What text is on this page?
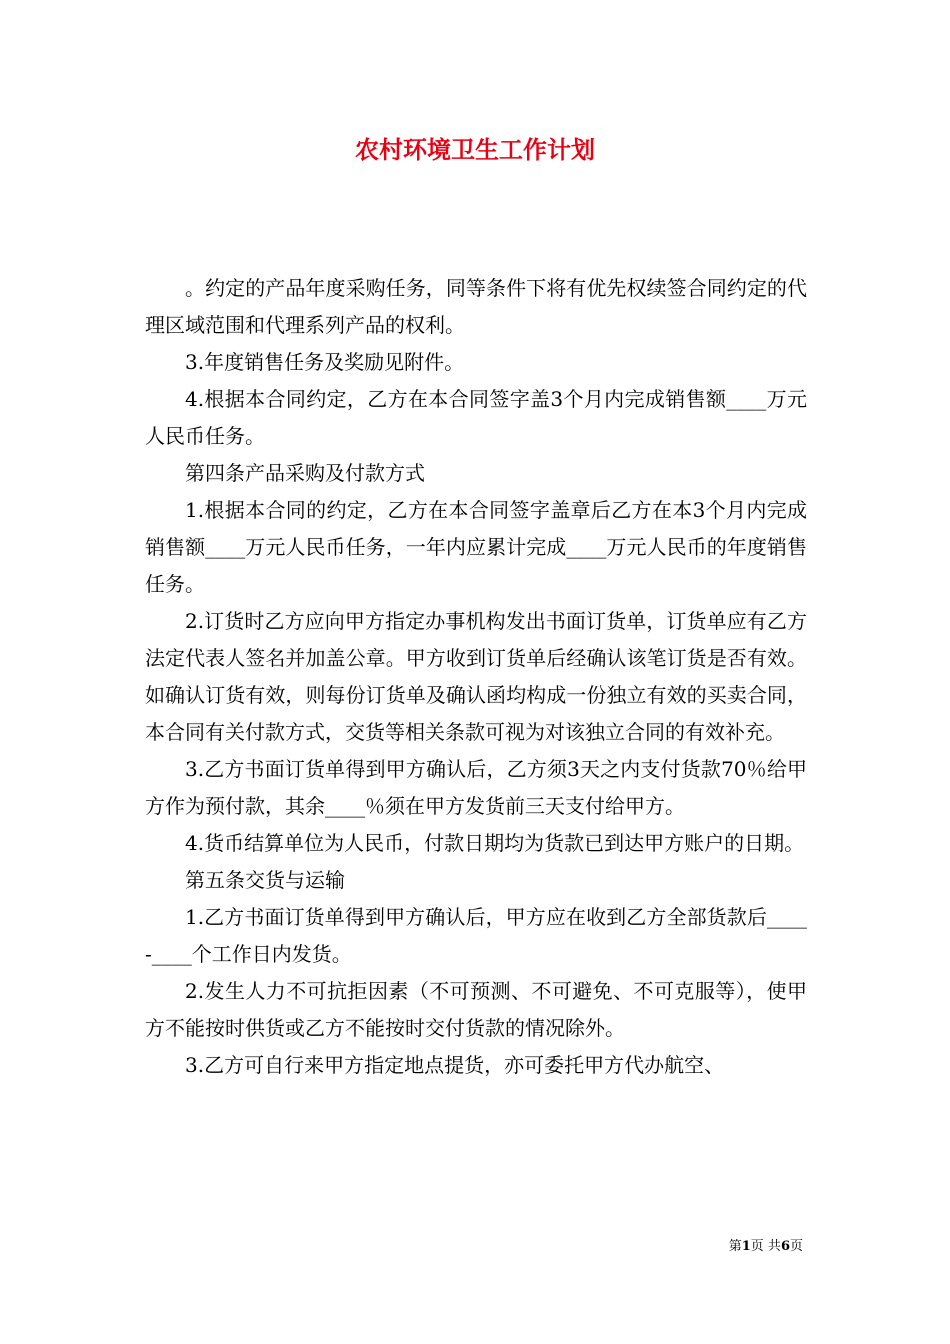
农村环境卫生工作计划

。约定的产品年度采购任务，同等条件下将有优先权续签合同约定的代理区域范围和代理系列产品的权利。

3.年度销售任务及奖励见附件。

4.根据本合同约定，乙方在本合同签字盖3个月内完成销售额____万元人民币任务。

第四条产品采购及付款方式

1.根据本合同的约定，乙方在本合同签字盖章后乙方在本3个月内完成销售额____万元人民币任务，一年内应累计完成____万元人民币的年度销售任务。

2.订货时乙方应向甲方指定办事机构发出书面订货单，订货单应有乙方法定代表人签名并加盖公章。甲方收到订货单后经确认该笔订货是否有效。如确认订货有效，则每份订货单及确认函均构成一份独立有效的买卖合同，本合同有关付款方式，交货等相关条款可视为对该独立合同的有效补充。

3.乙方书面订货单得到甲方确认后，乙方须3天之内支付货款70％给甲方作为预付款，其余____％须在甲方发货前三天支付给甲方。

4.货币结算单位为人民币，付款日期均为货款已到达甲方账户的日期。

第五条交货与运输

1.乙方书面订货单得到甲方确认后，甲方应在收到乙方全部货款后____-____个工作日内发货。

2.发生人力不可抗拒因素（不可预测、不可避免、不可克服等），使甲方不能按时供货或乙方不能按时交付货款的情况除外。

3.乙方可自行来甲方指定地点提货，亦可委托甲方代办航空、

第1页 共6页
